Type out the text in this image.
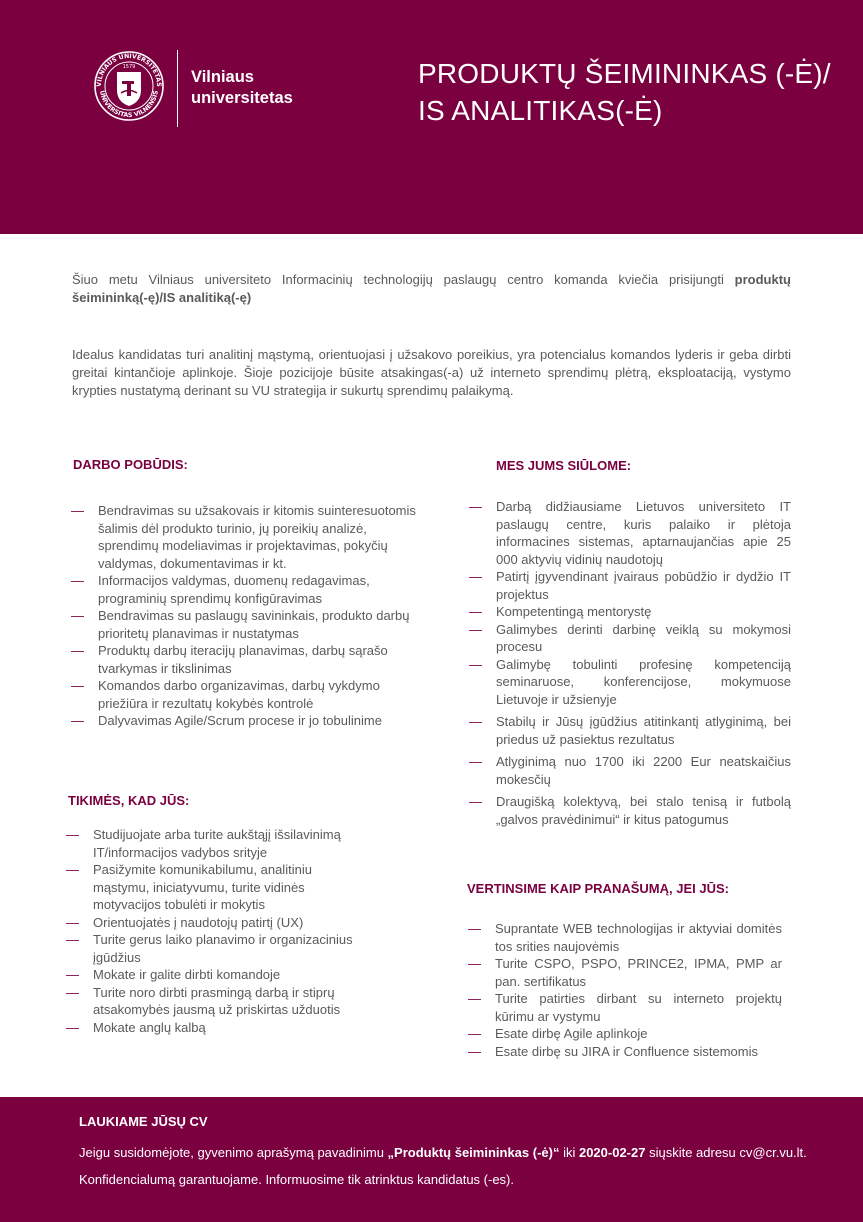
VILNIAUS UNIVERSITETAS
UNIVERSITAS VILNENSIS
1579
Vilniaus
universitetas
PRODUKTŲ ŠEIMININKAS (-Ė)/
IS ANALITIKAS(-Ė)

Šiuo metu Vilniaus universiteto Informacinių technologijų paslaugų centro komanda kviečia prisijungti produktų šeimininką(-ę)/IS analitiką(-ę)

Idealus kandidatas turi analitinį mąstymą, orientuojasi į užsakovo poreikius, yra potencialus komandos lyderis ir geba dirbti greitai kintančioje aplinkoje. Šioje pozicijoje būsite atsakingas(-a) už interneto sprendimų plėtrą, eksploataciją, vystymo krypties nustatymą derinant su VU strategija ir sukurtų sprendimų palaikymą.

DARBO POBŪDIS:
— Bendravimas su užsakovais ir kitomis suinteresuotomis šalimis dėl produkto turinio, jų poreikių analizė, sprendimų modeliavimas ir projektavimas, pokyčių valdymas, dokumentavimas ir kt.
— Informacijos valdymas, duomenų redagavimas, programinių sprendimų konfigūravimas
— Bendravimas su paslaugų savininkais, produkto darbų prioritetų planavimas ir nustatymas
— Produktų darbų iteracijų planavimas, darbų sąrašo tvarkymas ir tikslinimas
— Komandos darbo organizavimas, darbų vykdymo priežiūra ir rezultatų kokybės kontrolė
— Dalyvavimas Agile/Scrum procese ir jo tobulinime
TIKIMĖS, KAD JŪS:
— Studijuojate arba turite aukštąjį išsilavinimą IT/informacijos vadybos srityje
— Pasižymite komunikabilumu, analitiniu mąstymu, iniciatyvumu, turite vidinės motyvacijos tobulėti ir mokytis
— Orientuojatės į naudotojų patirtį (UX)
— Turite gerus laiko planavimo ir organizacinius įgūdžius
— Mokate ir galite dirbti komandoje
— Turite noro dirbti prasmingą darbą ir stiprų atsakomybės jausmą už priskirtas užduotis
— Mokate anglų kalbą
MES JUMS SIŪLOME:
— Darbą didžiausiame Lietuvos universiteto IT paslaugų centre, kuris palaiko ir plėtoja informacines sistemas, aptarnaujančias apie 25 000 aktyvių vidinių naudotojų
— Patirtį įgyvendinant įvairaus pobūdžio ir dydžio IT projektus
— Kompetentingą mentorystę
— Galimybes derinti darbinę veiklą su mokymosi procesu
— Galimybę tobulinti profesinę kompetenciją seminaruose, konferencijose, mokymuose Lietuvoje ir užsienyje
— Stabilų ir Jūsų įgūdžius atitinkantį atlyginimą, bei priedus už pasiektus rezultatus
— Atlyginimą nuo 1700 iki 2200 Eur neatskaičius mokesčių
— Draugišką kolektyvą, bei stalo tenisą ir futbolą „galvos pravėdinimui“ ir kitus patogumus
VERTINSIME KAIP PRANAŠUMĄ, JEI JŪS:
— Suprantate WEB technologijas ir aktyviai domitės tos srities naujovėmis
— Turite CSPO, PSPO, PRINCE2, IPMA, PMP ar pan. sertifikatus
— Turite patirties dirbant su interneto projektų kūrimu ar vystymu
— Esate dirbę Agile aplinkoje
— Esate dirbę su JIRA ir Confluence sistemomis
LAUKIAME JŪSŲ CV
Jeigu susidomėjote, gyvenimo aprašymą pavadinimu „Produktų šeimininkas (-ė)“ iki 2020-02-27 siųskite adresu cv@cr.vu.lt.
Konfidencialumą garantuojame. Informuosime tik atrinktus kandidatus (-es).
